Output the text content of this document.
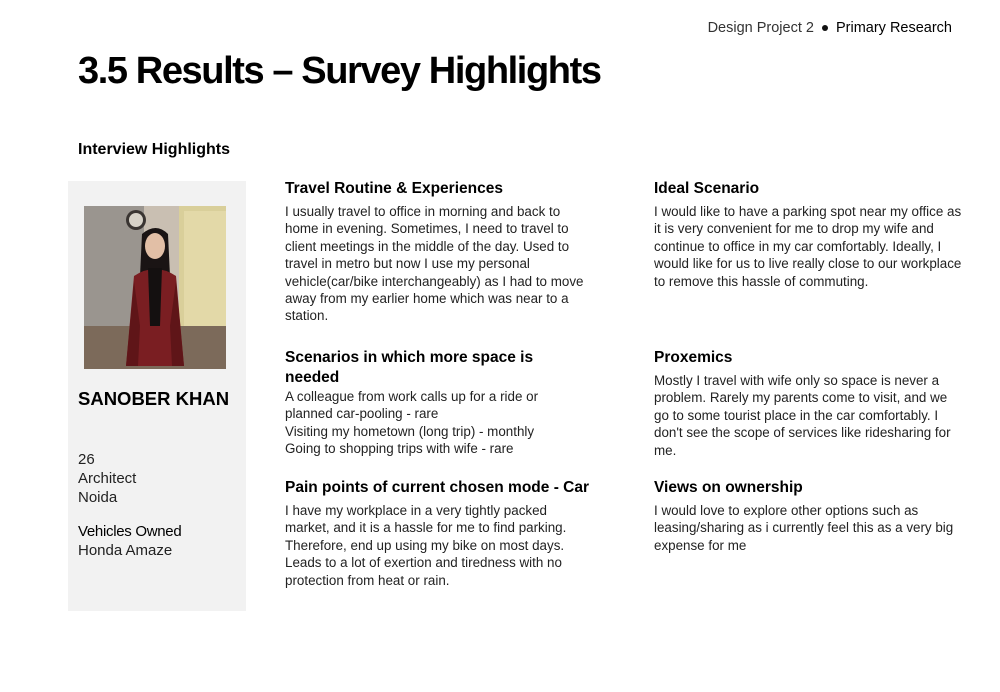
Design Project 2 Primary Research
3.5 Results – Survey Highlights
Interview Highlights
SANOBER KHAN
26
Architect
Noida
Vehicles Owned
Honda Amaze
Travel Routine & Experiences

I usually travel to office in morning and back to home in evening. Sometimes, I need to travel to client meetings in the middle of the day. Used to travel in metro but now I use my personal vehicle(car/bike interchangeably) as I had to move away from my earlier home which was near to a station.

Scenarios in which more space is needed
A colleague from work calls up for a ride or planned car-pooling - rare
Visiting my hometown (long trip) - monthly
Going to shopping trips with wife - rare
Pain points of current chosen mode - Car

I have my workplace in a very tightly packed market, and it is a hassle for me to find parking. Therefore, end up using my bike on most days. Leads to a lot of exertion and tiredness with no protection from heat or rain.

Ideal Scenario

I would like to have a parking spot near my office as it is very convenient for me to drop my wife and continue to office in my car comfortably. Ideally, I would like for us to live really close to our workplace to remove this hassle of commuting.

Proxemics

Mostly I travel with wife only so space is never a problem. Rarely my parents come to visit, and we go to some tourist place in the car comfortably. I don't see the scope of services like ridesharing for me.

Views on ownership

I would love to explore other options such as leasing/sharing as i currently feel this as a very big expense for me
